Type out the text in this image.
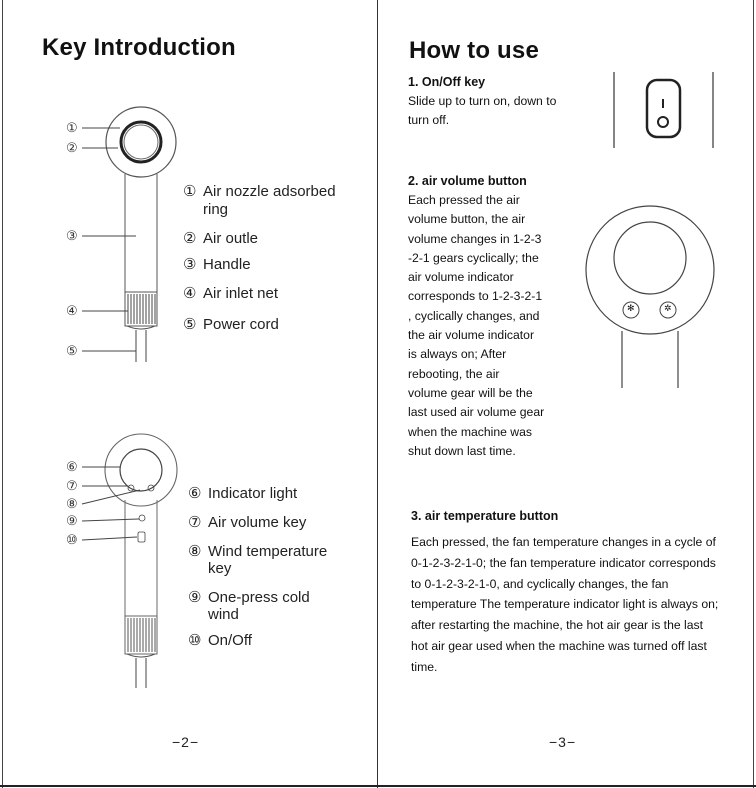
Key Introduction
①
②
③
④
⑤
① Air nozzle adsorbed
ring
② Air outle
③ Handle
④ Air inlet net
⑤ Power cord
⑥
⑦
⑧
⑨
⑩
⑥ Indicator light
⑦ Air volume key
⑧ Wind temperature
key
⑨ One-press cold
wind
⑩ On/Off
−2−
How to use
✻	✲
1. On/Off key
Slide up to turn on, down to
turn off.
2. air volume button
Each pressed the air
volume button, the air
volume changes in 1-2-3
-2-1 gears cyclically; the
air volume indicator
corresponds to 1-2-3-2-1
, cyclically changes, and
the air volume indicator
is always on; After
rebooting, the air
volume gear will be the
last used air volume gear
when the machine was
shut down last time.
3. air temperature button
Each pressed, the fan temperature changes in a cycle of
0-1-2-3-2-1-0; the fan temperature indicator corresponds
to 0-1-2-3-2-1-0, and cyclically changes, the fan
temperature The temperature indicator light is always on;
after restarting the machine, the hot air gear is the last
hot air gear used when the machine was turned off last
time.
−3−
